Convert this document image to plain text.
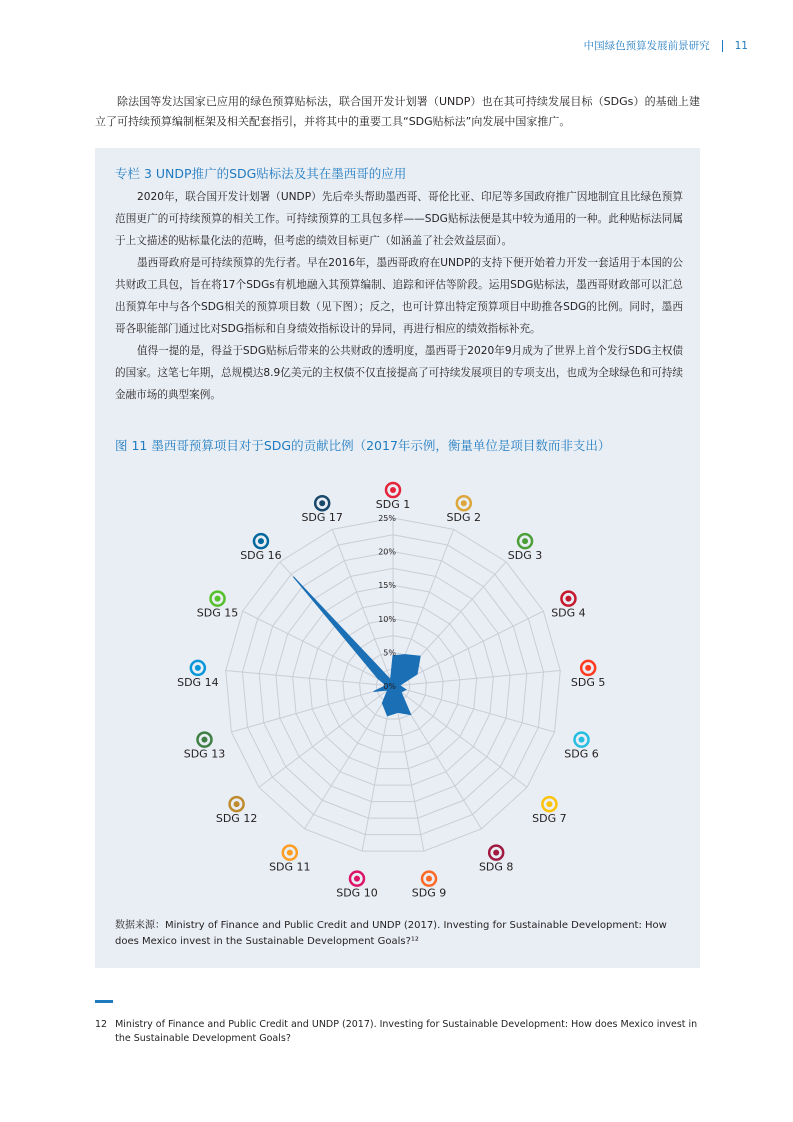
中国绿色预算发展前景研究 11
除法国等发达国家已应用的绿色预算贴标法，联合国开发计划署（UNDP）也在其可持续发展目标（SDGs）的基础上建立了可持续预算编制框架及相关配套指引，并将其中的重要工具“SDG贴标法”向发展中国家推广。
专栏 3 UNDP推广的SDG贴标法及其在墨西哥的应用

2020年，联合国开发计划署（UNDP）先后牵头帮助墨西哥、哥伦比亚、印尼等多国政府推广因地制宜且比绿色预算范围更广的可持续预算的相关工作。可持续预算的工具包多样——SDG贴标法便是其中较为通用的一种。此种贴标法同属于上文描述的贴标量化法的范畴，但考虑的绩效目标更广（如涵盖了社会效益层面）。

墨西哥政府是可持续预算的先行者。早在2016年，墨西哥政府在UNDP的支持下便开始着力开发一套适用于本国的公共财政工具包，旨在将17个SDGs有机地融入其预算编制、追踪和评估等阶段。运用SDG贴标法，墨西哥财政部可以汇总出预算年中与各个SDG相关的预算项目数（见下图）；反之，也可计算出特定预算项目中助推各SDG的比例。同时，墨西哥各职能部门通过比对SDG指标和自身绩效指标设计的异同，再进行相应的绩效指标补充。

值得一提的是，得益于SDG贴标后带来的公共财政的透明度，墨西哥于2020年9月成为了世界上首个发行SDG主权债的国家。这笔七年期，总规模达8.9亿美元的主权债不仅直接提高了可持续发展项目的专项支出，也成为全球绿色和可持续金融市场的典型案例。

图 11 墨西哥预算项目对于SDG的贡献比例（2017年示例，衡量单位是项目数而非支出）
0%
5%
10%
15%
20%
25%
SDG 1
SDG 2
SDG 3
SDG 4
SDG 5
SDG 6
SDG 7
SDG 8
SDG 9
SDG 10
SDG 11
SDG 12
SDG 13
SDG 14
SDG 15
SDG 16
SDG 17
数据来源：Ministry of Finance and Public Credit and UNDP (2017). Investing for Sustainable Development: How does Mexico invest in the Sustainable Development Goals?¹²
12 Ministry of Finance and Public Credit and UNDP (2017). Investing for Sustainable Development: How does Mexico invest in the Sustainable Development Goals?
